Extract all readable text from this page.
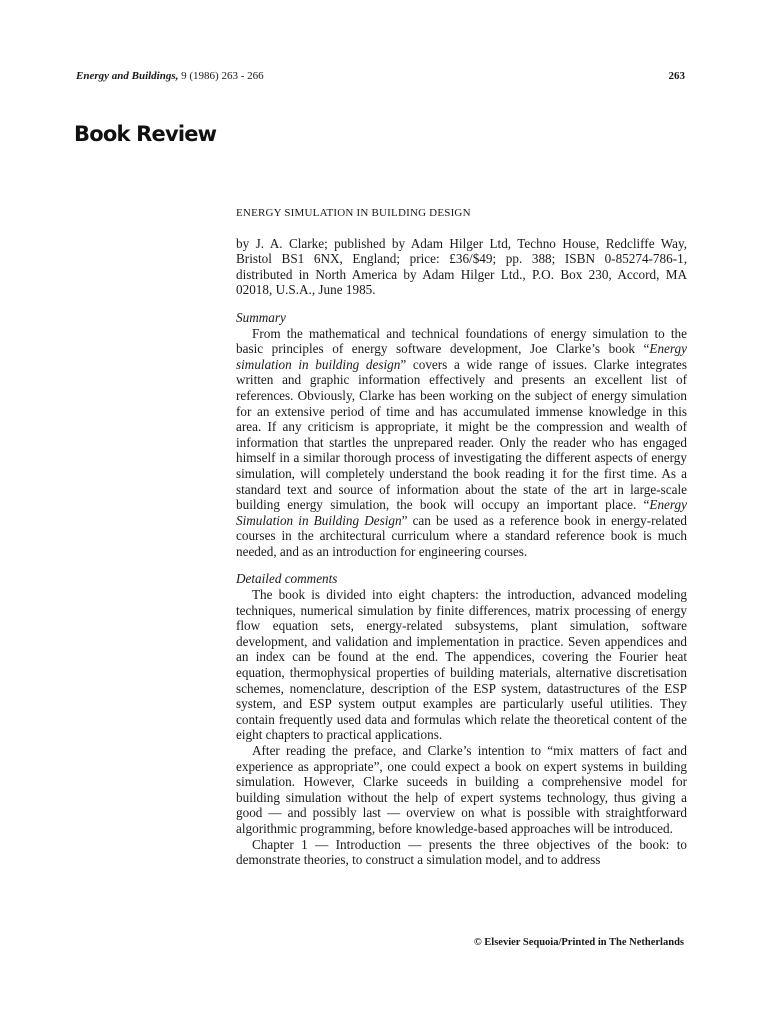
Energy and Buildings, 9 (1986) 263 - 266	263
Book Review

ENERGY SIMULATION IN BUILDING DESIGN

by J. A. Clarke; published by Adam Hilger Ltd, Techno House, Redcliffe Way, Bristol BS1 6NX, England; price: £36/$49; pp. 388; ISBN 0-85274-786-1, distributed in North America by Adam Hilger Ltd., P.O. Box 230, Accord, MA 02018, U.S.A., June 1985.

Summary

From the mathematical and technical foundations of energy simulation to the basic principles of energy software development, Joe Clarke’s book “Energy simulation in building design” covers a wide range of issues. Clarke integrates written and graphic information effectively and presents an excellent list of references. Obviously, Clarke has been working on the subject of energy simulation for an extensive period of time and has accumulated immense knowledge in this area. If any criticism is appropriate, it might be the compression and wealth of information that startles the unprepared reader. Only the reader who has engaged himself in a similar thorough process of investigating the different aspects of energy simulation, will completely understand the book reading it for the first time. As a standard text and source of information about the state of the art in large-scale building energy simulation, the book will occupy an important place. “Energy Simulation in Building Design” can be used as a reference book in energy-related courses in the architectural curriculum where a standard reference book is much needed, and as an introduction for engineering courses.

Detailed comments

The book is divided into eight chapters: the introduction, advanced modeling techniques, numerical simulation by finite differences, matrix processing of energy flow equation sets, energy-related subsystems, plant simulation, software development, and validation and implementation in practice. Seven appendices and an index can be found at the end. The appendices, covering the Fourier heat equation, thermophysical properties of building materials, alternative discretisation schemes, nomenclature, description of the ESP system, datastructures of the ESP system, and ESP system output examples are particularly useful utilities. They contain frequently used data and formulas which relate the theoretical content of the eight chapters to practical applications.

After reading the preface, and Clarke’s intention to “mix matters of fact and experience as appropriate”, one could expect a book on expert systems in building simulation. However, Clarke suceeds in building a comprehensive model for building simulation without the help of expert systems technology, thus giving a good — and possibly last — overview on what is possible with straightforward algorithmic programming, before knowledge-based approaches will be introduced.

Chapter 1 — Introduction — presents the three objectives of the book: to demonstrate theories, to construct a simulation model, and to address

© Elsevier Sequoia/Printed in The Netherlands
